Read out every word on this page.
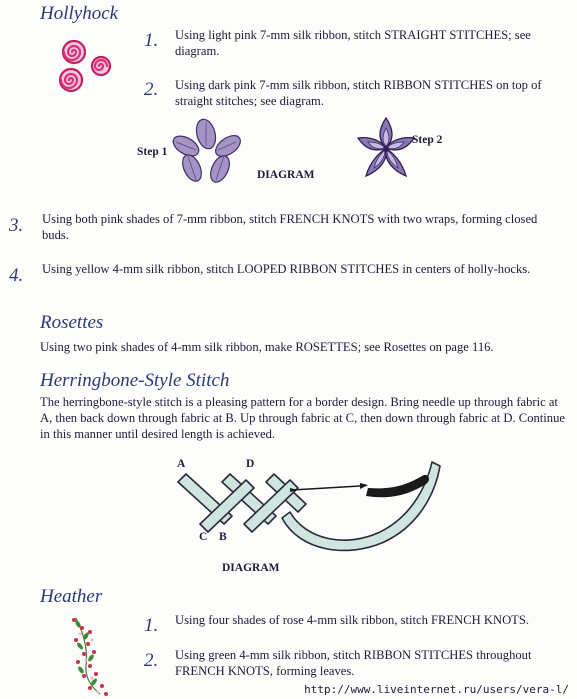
Hollyhock
1. Using light pink 7-mm silk ribbon, stitch STRAIGHT STITCHES; see diagram.
2. Using dark pink 7-mm silk ribbon, stitch RIBBON STITCHES on top of straight stitches; see diagram.
Step 1
DIAGRAM
Step 2
3. Using both pink shades of 7-mm ribbon, stitch FRENCH KNOTS with two wraps, forming closed buds.
4. Using yellow 4-mm silk ribbon, stitch LOOPED RIBBON STITCHES in centers of holly-hocks.
Rosettes
Using two pink shades of 4-mm silk ribbon, make ROSETTES; see Rosettes on page 116.
Herringbone-Style Stitch
The herringbone-style stitch is a pleasing pattern for a border design. Bring needle up through fabric at A, then back down through fabric at B. Up through fabric at C, then down through fabric at D. Continue in this manner until desired length is achieved.
A	D
C B
DIAGRAM
Heather
1. Using four shades of rose 4-mm silk ribbon, stitch FRENCH KNOTS.
2. Using green 4-mm silk ribbon, stitch RIBBON STITCHES throughout FRENCH KNOTS, forming leaves.
http://www.liveinternet.ru/users/vera-l/
